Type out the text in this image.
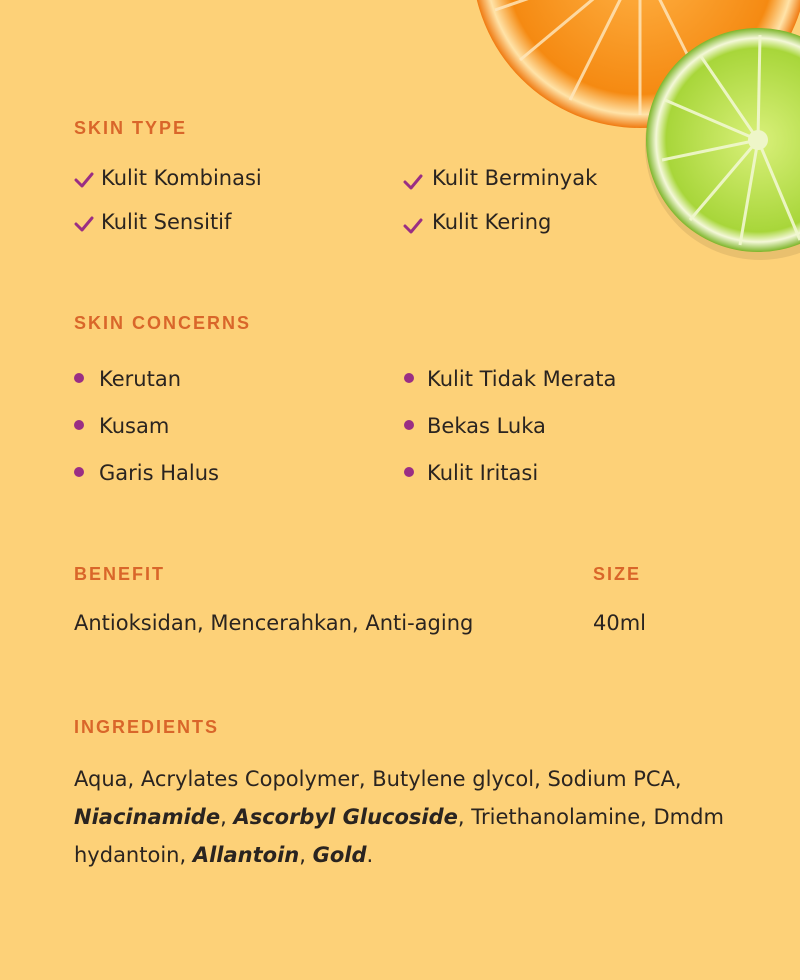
SKIN TYPE
Kulit Kombinasi	Kulit Berminyak
Kulit Sensitif	Kulit Kering
SKIN CONCERNS
Kerutan	Kulit Tidak Merata
Kusam	Bekas Luka
Garis Halus	Kulit Iritasi
BENEFIT
Antioksidan, Mencerahkan, Anti-aging
SIZE
40ml
INGREDIENTS
Aqua, Acrylates Copolymer, Butylene glycol, Sodium PCA, Niacinamide, Ascorbyl Glucoside, Triethanolamine, Dmdm hydantoin, Allantoin, Gold.
